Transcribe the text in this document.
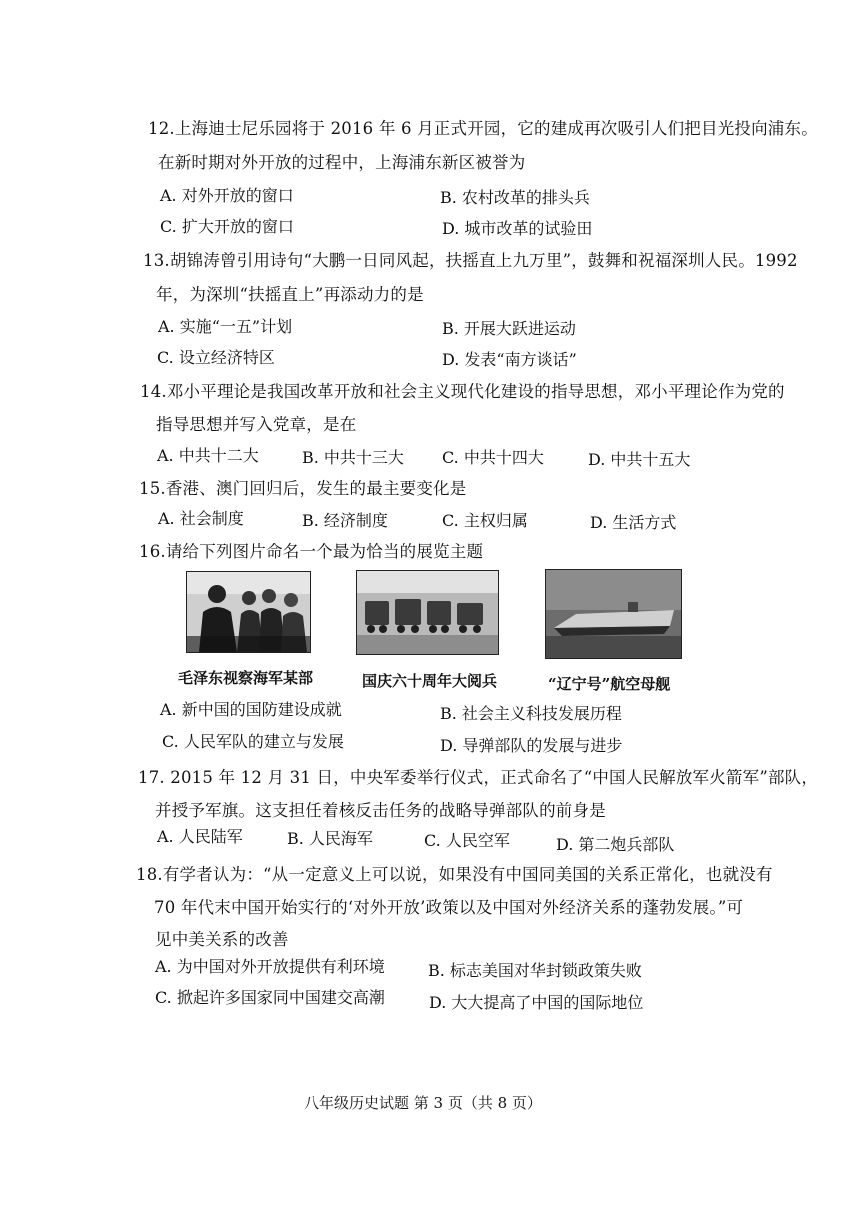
12.上海迪士尼乐园将于 2016 年 6 月正式开园，它的建成再次吸引人们把目光投向浦东。
在新时期对外开放的过程中，上海浦东新区被誉为
A. 对外开放的窗口	B. 农村改革的排头兵
C. 扩大开放的窗口	D. 城市改革的试验田
13.胡锦涛曾引用诗句“大鹏一日同风起，扶摇直上九万里”，鼓舞和祝福深圳人民。1992
年，为深圳“扶摇直上”再添动力的是
A. 实施“一五”计划	B. 开展大跃进运动
C. 设立经济特区	D. 发表“南方谈话”
14.邓小平理论是我国改革开放和社会主义现代化建设的指导思想，邓小平理论作为党的
指导思想并写入党章，是在
A. 中共十二大	B. 中共十三大 C. 中共十四大	D. 中共十五大
15.香港、澳门回归后，发生的最主要变化是
A. 社会制度	B. 经济制度	C. 主权归属	D. 生活方式
16.请给下列图片命名一个最为恰当的展览主题
毛泽东视察海军某部	国庆六十周年大阅兵	“辽宁号”航空母舰
A. 新中国的国防建设成就	B. 社会主义科技发展历程
C. 人民军队的建立与发展	D. 导弹部队的发展与进步
17. 2015 年 12 月 31 日，中央军委举行仪式，正式命名了“中国人民解放军火箭军”部队，
并授予军旗。这支担任着核反击任务的战略导弹部队的前身是
A. 人民陆军	B. 人民海军	C. 人民空军	D. 第二炮兵部队
18.有学者认为：“从一定意义上可以说，如果没有中国同美国的关系正常化，也就没有
70 年代末中国开始实行的‘对外开放’政策以及中国对外经济关系的蓬勃发展。”可
见中美关系的改善
A. 为中国对外开放提供有利环境	B. 标志美国对华封锁政策失败
C. 掀起许多国家同中国建交高潮	D. 大大提高了中国的国际地位
八年级历史试题 第 3 页（共 8 页）
